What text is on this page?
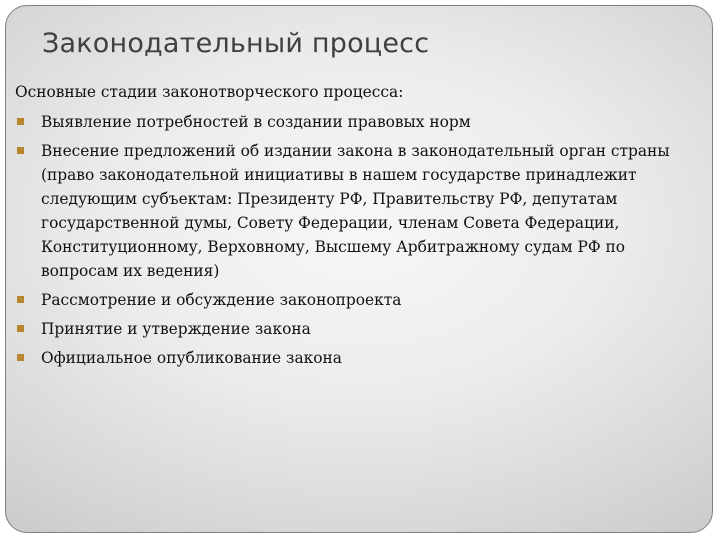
Законодательный процесс

Основные стадии законотворческого процесса:

Выявление потребностей в создании правовых норм
Внесение предложений об издании закона в законодательный орган страны (право законодательной инициативы в нашем государстве принадлежит следующим субъектам: Президенту РФ, Правительству РФ, депутатам государственной думы, Совету Федерации, членам Совета Федерации, Конституционному, Верховному, Высшему Арбитражному судам РФ по вопросам их ведения)
Рассмотрение и обсуждение законопроекта
Принятие и утверждение закона
Официальное опубликование закона
